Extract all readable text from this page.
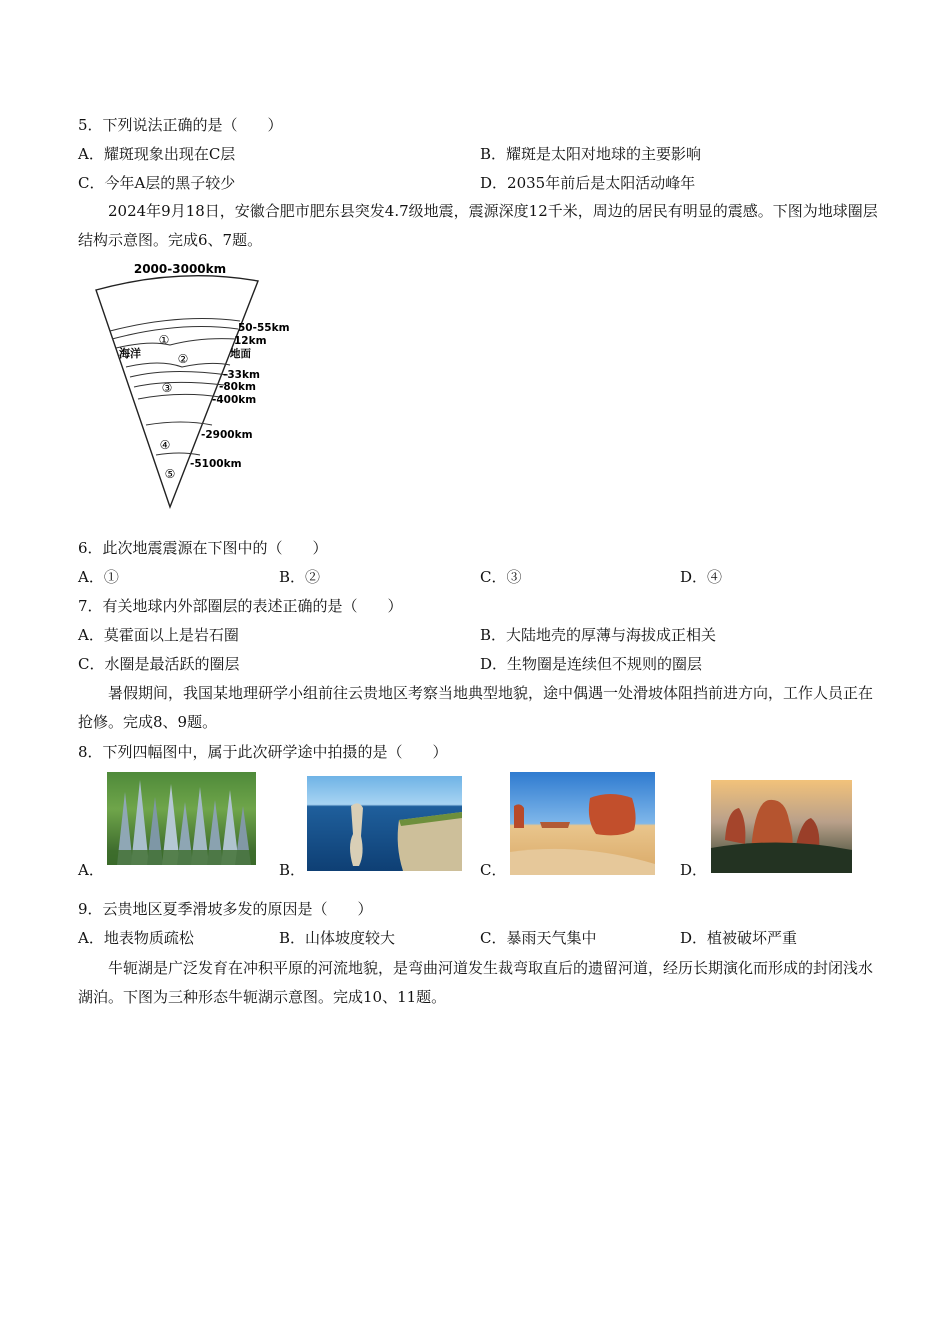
5．下列说法正确的是（　　）
A．耀斑现象出现在C层	B．耀斑是太阳对地球的主要影响
C．今年A层的黑子较少	D．2035年前后是太阳活动峰年
2024年9月18日，安徽合肥市肥东县突发4.7级地震，震源深度12千米，周边的居民有明显的震感。下图为地球圈层结构示意图。完成6、7题。
2000-3000km
①
②
③
④
⑤
海洋
50-55km
12km
地面
-33km
-80km
-400km
-2900km
-5100km
6．此次地震震源在下图中的（　　）
A．①	B．②	C．③	D．④
7．有关地球内外部圈层的表述正确的是（　　）
A．莫霍面以上是岩石圈	B．大陆地壳的厚薄与海拔成正相关
C．水圈是最活跃的圈层	D．生物圈是连续但不规则的圈层
暑假期间，我国某地理研学小组前往云贵地区考察当地典型地貌，途中偶遇一处滑坡体阻挡前进方向，工作人员正在抢修。完成8、9题。
8．下列四幅图中，属于此次研学途中拍摄的是（　　）
A．	B．	C．	D．
9．云贵地区夏季滑坡多发的原因是（　　）
A．地表物质疏松	B．山体坡度较大	C．暴雨天气集中	D．植被破坏严重
牛轭湖是广泛发育在冲积平原的河流地貌，是弯曲河道发生裁弯取直后的遗留河道，经历长期演化而形成的封闭浅水湖泊。下图为三种形态牛轭湖示意图。完成10、11题。
